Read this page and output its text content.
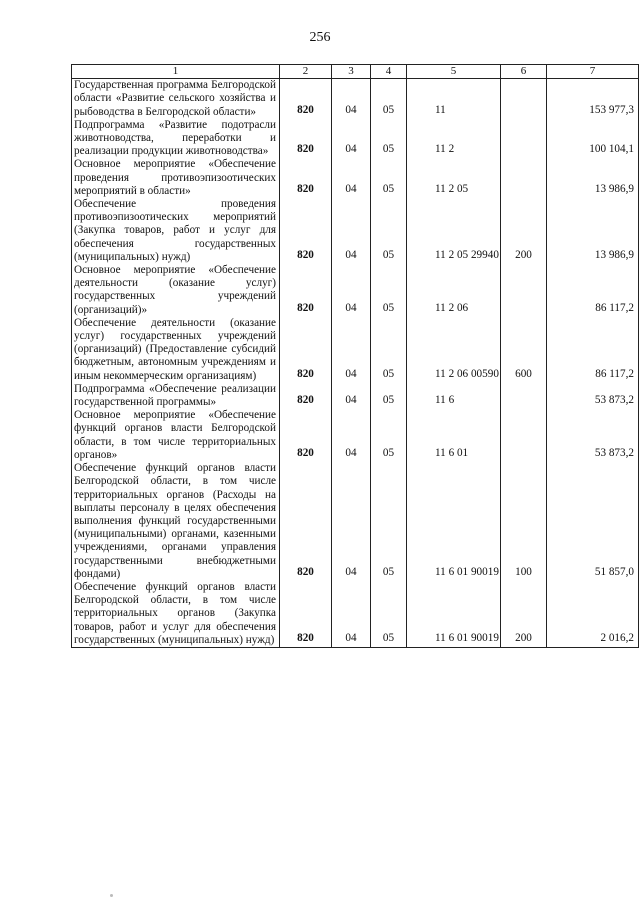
256
1	2	3	4	5	6	7
Государственная программа Белгородской области «Развитие сельского хозяйства и рыбоводства в Белгородской области»	820	04	05	11		153 977,3
Подпрограмма «Развитие подотрасли животноводства, переработки и реализации продукции животноводства»	820	04	05	11 2		100 104,1
Основное мероприятие «Обеспечение проведения противоэпизоотических мероприятий в области»	820	04	05	11 2 05		13 986,9
Обеспечение проведения противоэпизоотических мероприятий (Закупка товаров, работ и услуг для обеспечения государственных (муниципальных) нужд)	820	04	05	11 2 05 29940	200	13 986,9
Основное мероприятие «Обеспечение деятельности (оказание услуг) государственных учреждений (организаций)»	820	04	05	11 2 06		86 117,2
Обеспечение деятельности (оказание услуг) государственных учреждений (организаций) (Предоставление субсидий бюджетным, автономным учреждениям и иным некоммерческим организациям)	820	04	05	11 2 06 00590	600	86 117,2
Подпрограмма «Обеспечение реализации государственной программы»	820	04	05	11 6		53 873,2
Основное мероприятие «Обеспечение функций органов власти Белгородской области, в том числе территориальных органов»	820	04	05	11 6 01		53 873,2
Обеспечение функций органов власти Белгородской области, в том числе территориальных органов (Расходы на выплаты персоналу в целях обеспечения выполнения функций государственными (муниципальными) органами, казенными учреждениями, органами управления государственными внебюджетными фондами)	820	04	05	11 6 01 90019	100	51 857,0
Обеспечение функций органов власти Белгородской области, в том числе территориальных органов (Закупка товаров, работ и услуг для обеспечения государственных (муниципальных) нужд)	820	04	05	11 6 01 90019	200	2 016,2
